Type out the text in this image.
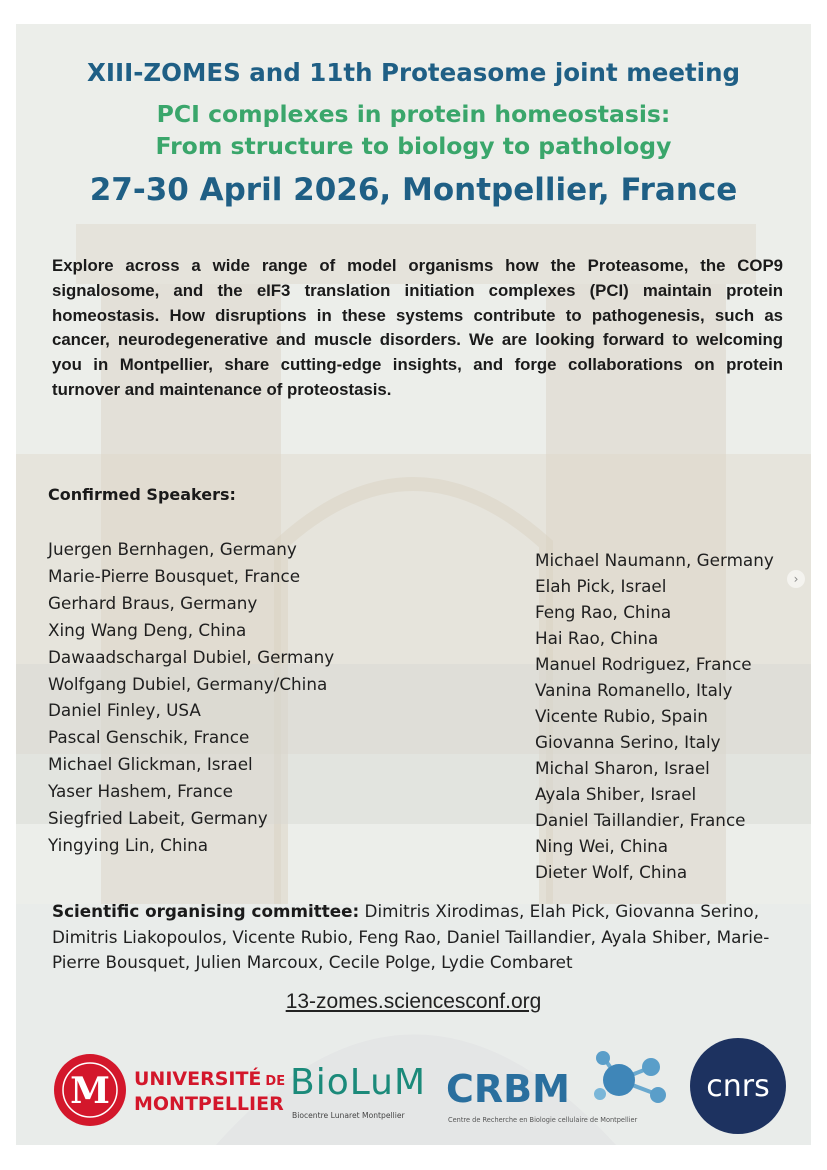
XIII-ZOMES and 11th Proteasome joint meeting
PCI complexes in protein homeostasis:
From structure to biology to pathology
27-30 April 2026, Montpellier, France

Explore across a wide range of model organisms how the Proteasome, the COP9 signalosome, and the eIF3 translation initiation complexes (PCI) maintain protein homeostasis. How disruptions in these systems contribute to pathogenesis, such as cancer, neurodegenerative and muscle disorders. We are looking forward to welcoming you in Montpellier, share cutting-edge insights, and forge collaborations on protein turnover and maintenance of proteostasis.

Confirmed Speakers:
Juergen Bernhagen, Germany
Marie-Pierre Bousquet, France
Gerhard Braus, Germany
Xing Wang Deng, China
Dawaadschargal Dubiel, Germany
Wolfgang Dubiel, Germany/China
Daniel Finley, USA
Pascal Genschik, France
Michael Glickman, Israel
Yaser Hashem, France
Siegfried Labeit, Germany
Yingying Lin, China
Michael Naumann, Germany
Elah Pick, Israel
Feng Rao, China
Hai Rao, China
Manuel Rodriguez, France
Vanina Romanello, Italy
Vicente Rubio, Spain
Giovanna Serino, Italy
Michal Sharon, Israel
Ayala Shiber, Israel
Daniel Taillandier, France
Ning Wei, China
Dieter Wolf, China
›

Scientific organising committee: Dimitris Xirodimas, Elah Pick, Giovanna Serino, Dimitris Liakopoulos, Vicente Rubio, Feng Rao, Daniel Taillandier, Ayala Shiber, Marie-Pierre Bousquet, Julien Marcoux, Cecile Polge, Lydie Combaret

13-zomes.sciencesconf.org
M UNIVERSITÉ DE
MONTPELLIER
BioLuM
Biocentre Lunaret Montpellier
CRBM
Centre de Recherche en Biologie cellulaire de Montpellier
cnrs
